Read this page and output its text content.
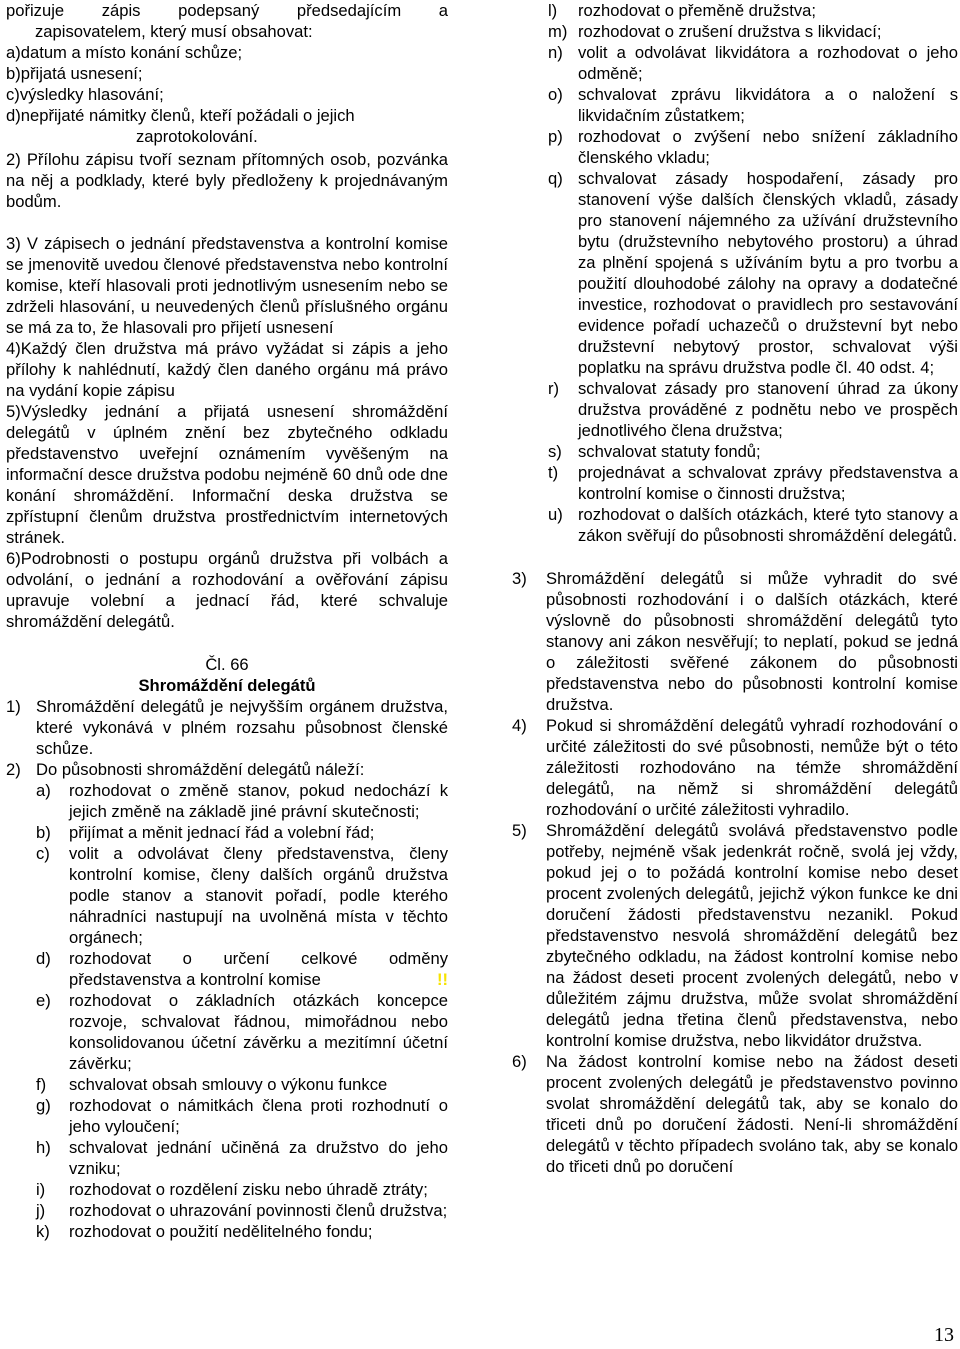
pořizuje zápis podepsaný předsedajícím a
zapisovatelem, který musí obsahovat:
a)datum a místo konání schůze;
b)přijatá usnesení;
c)výsledky hlasování;
d)nepřijaté námitky členů, kteří požádali o jejich
zaprotokolování.

2) Přílohu zápisu tvoří seznam přítomných osob, pozvánka na něj a podklady, které byly předloženy k projednávaným bodům.

3) V zápisech o jednání představenstva a kontrolní komise se jmenovitě uvedou členové představenstva nebo kontrolní komise, kteří hlasovali proti jednotlivým usnesením nebo se zdrželi hlasování, u neuvedených členů příslušného orgánu se má za to, že hlasovali pro přijetí usnesení

4)Každý člen družstva má právo vyžádat si zápis a jeho přílohy k nahlédnutí, každý člen daného orgánu má právo na vydání kopie zápisu

5)Výsledky jednání a přijatá usnesení shromáždění delegátů v úplném znění bez zbytečného odkladu představenstvo uveřejní oznámením vyvěšeným na informační desce družstva podobu nejméně 60 dnů ode dne konání shromáždění. Informační deska družstva se zpřístupní členům družstva prostřednictvím internetových stránek.

6)Podrobnosti o postupu orgánů družstva při volbách a odvolání, o jednání a rozhodování a ověřování zápisu upravuje volební a jednací řád, které schvaluje shromáždění delegátů.

Čl. 66
Shromáždění delegátů
1) Shromáždění delegátů je nejvyšším orgánem družstva, které vykonává v plném rozsahu působnost členské schůze.
2) Do působnosti shromáždění delegátů náleží:
a)	rozhodovat o změně stanov, pokud nedochází k jejich změně na základě jiné právní skutečnosti;
b)	přijímat a měnit jednací řád a volební řád;
c)	volit a odvolávat členy představenstva, členy kontrolní komise, členy dalších orgánů družstva podle stanov a stanovit pořadí, podle kterého náhradníci nastupují na uvolněná místa v těchto orgánech;
d)	rozhodovat o určení celkové odměny představenstva a kontrolní komise	!!
e)	rozhodovat o základních otázkách koncepce rozvoje, schvalovat řádnou, mimořádnou nebo konsolidovanou účetní závěrku a mezitímní účetní závěrku;
f)	schvalovat obsah smlouvy o výkonu funkce
g)	rozhodovat o námitkách člena proti rozhodnutí o jeho vyloučení;
h)	schvalovat jednání učiněná za družstvo do jeho vzniku;
i)	rozhodovat o rozdělení zisku nebo úhradě ztráty;
j)	rozhodovat o uhrazování povinnosti členů družstva;
k)	rozhodovat o použití nedělitelného fondu;
l)	rozhodovat o přeměně družstva;
m) rozhodovat o zrušení družstva s likvidací;
n) volit a odvolávat likvidátora a rozhodovat o jeho odměně;
o) schvalovat zprávu likvidátora a o naložení s likvidačním zůstatkem;
p) rozhodovat o zvýšení nebo snížení základního členského vkladu;
q) schvalovat zásady hospodaření, zásady pro stanovení výše dalších členských vkladů, zásady pro stanovení nájemného za užívání družstevního bytu (družstevního nebytového prostoru) a úhrad za plnění spojená s užíváním bytu a pro tvorbu a použití dlouhodobé zálohy na opravy a dodatečné investice, rozhodovat o pravidlech pro sestavování evidence pořadí uchazečů o družstevní byt nebo družstevní nebytový prostor, schvalovat výši poplatku na správu družstva podle čl. 40 odst. 4;
r)	schvalovat zásady pro stanovení úhrad za úkony družstva prováděné z podnětu nebo ve prospěch jednotlivého člena družstva;
s) schvalovat statuty fondů;
t)	projednávat a schvalovat zprávy představenstva a kontrolní komise o činnosti družstva;
u) rozhodovat o dalších otázkách, které tyto stanovy a zákon svěřují do působnosti shromáždění delegátů.
3)	Shromáždění delegátů si může vyhradit do své působnosti rozhodování i o dalších otázkách, které výslovně do působnosti shromáždění delegátů tyto stanovy ani zákon nesvěřují; to neplatí, pokud se jedná o záležitosti svěřené zákonem do působnosti představenstva nebo do působnosti kontrolní komise družstva.
4)	Pokud si shromáždění delegátů vyhradí rozhodování o určité záležitosti do své působnosti, nemůže být o této záležitosti rozhodováno na témže shromáždění delegátů, na němž si shromáždění delegátů rozhodování o určité záležitosti vyhradilo.
5)	Shromáždění delegátů svolává představenstvo podle potřeby, nejméně však jedenkrát ročně, svolá jej vždy, pokud jej o to požádá kontrolní komise nebo deset procent zvolených delegátů, jejichž výkon funkce ke dni doručení žádosti představenstvu nezanikl. Pokud představenstvo nesvolá shromáždění delegátů bez zbytečného odkladu, na žádost kontrolní komise nebo na žádost deseti procent zvolených delegátů, nebo v důležitém zájmu družstva, může svolat shromáždění delegátů jedna třetina členů představenstva, nebo kontrolní komise družstva, nebo likvidátor družstva.
6)	Na žádost kontrolní komise nebo na žádost deseti procent zvolených delegátů je představenstvo povinno svolat shromáždění delegátů tak, aby se konalo do třiceti dnů po doručení žádosti. Není-li shromáždění delegátů v těchto případech svoláno tak, aby se konalo do třiceti dnů po doručení
13
